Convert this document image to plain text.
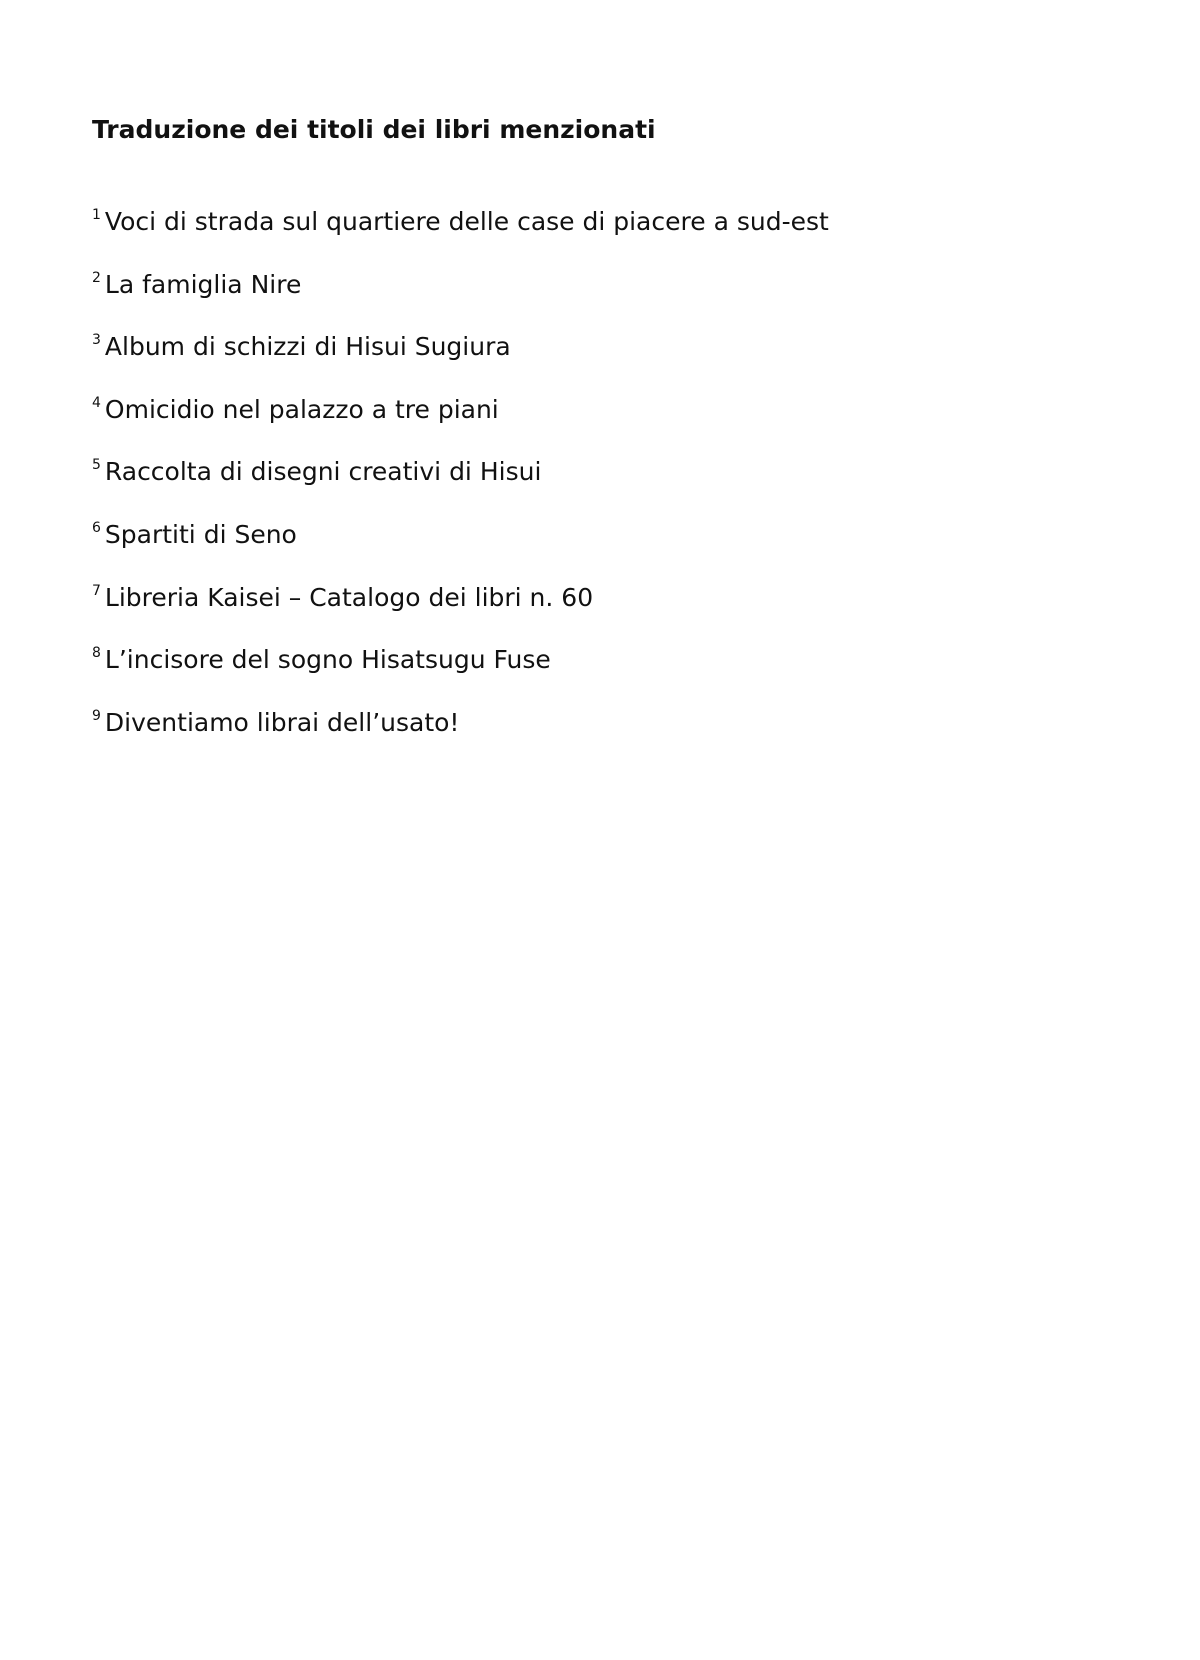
Traduzione dei titoli dei libri menzionati
$^1$ Voci di strada sul quartiere delle case di piacere a sud-est
$^2$ La famiglia Nire
$^3$ Album di schizzi di Hisui Sugiura
$^4$ Omicidio nel palazzo a tre piani
$^5$ Raccolta di disegni creativi di Hisui
$^6$ Spartiti di Seno
$^7$ Libreria Kaisei – Catalogo dei libri n. 60
$^8$ L’incisore del sogno Hisatsugu Fuse
$^9$ Diventiamo librai dell’usato!
